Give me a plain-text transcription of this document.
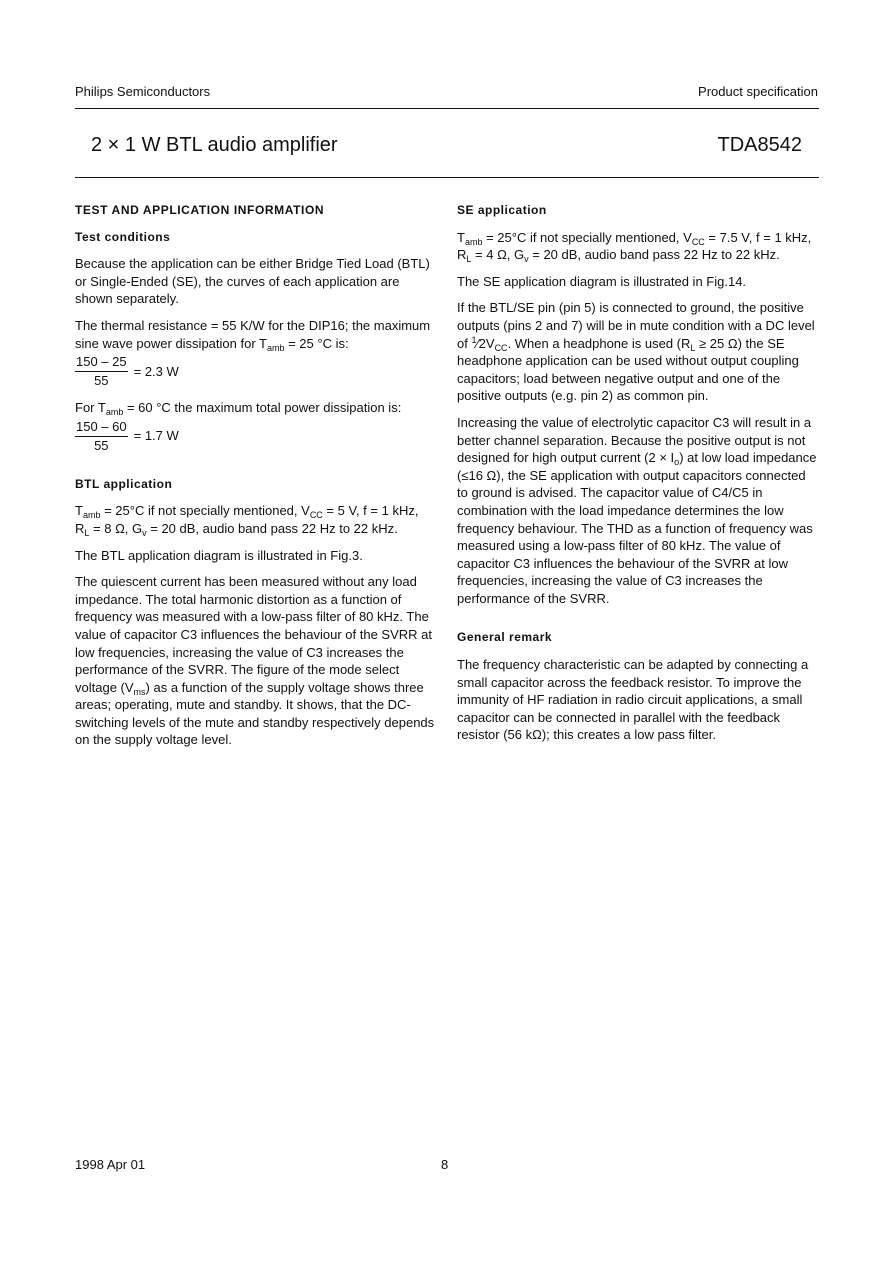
Philips Semiconductors	Product specification
2 × 1 W BTL audio amplifier	TDA8542
TEST AND APPLICATION INFORMATION
Test conditions

Because the application can be either Bridge Tied Load (BTL) or Single-Ended (SE), the curves of each application are shown separately.

The thermal resistance = 55 K/W for the DIP16; the maximum sine wave power dissipation for $T_{amb} = 25$ °C is:

$\frac{150 - 25}{55} = 2.3$ W

For $T_{amb} = 60$ °C the maximum total power dissipation is:

$\frac{150 - 60}{55} = 1.7$ W
BTL application

$T_{amb} = 25^\circ C$ if not specially mentioned, $V_{CC} = 5$ V, f = 1 kHz, $R_L = 8$ Ω, $G_v = 20$ dB, audio band pass 22 Hz to 22 kHz.

The BTL application diagram is illustrated in Fig.3.

The quiescent current has been measured without any load impedance. The total harmonic distortion as a function of frequency was measured with a low-pass filter of 80 kHz. The value of capacitor C3 influences the behaviour of the SVRR at low frequencies, increasing the value of C3 increases the performance of the SVRR. The figure of the mode select voltage $(V_{ms})$ as a function of the supply voltage shows three areas; operating, mute and standby. It shows, that the DC-switching levels of the mute and standby respectively depends on the supply voltage level.

SE application

$T_{amb} = 25^\circ C$ if not specially mentioned, $V_{CC} = 7.5$ V, f = 1 kHz, $R_L = 4$ Ω, $G_v = 20$ dB, audio band pass 22 Hz to 22 kHz.

The SE application diagram is illustrated in Fig.14.

If the BTL/SE pin (pin 5) is connected to ground, the positive outputs (pins 2 and 7) will be in mute condition with a DC level of $^1⁄2V_{CC}$. When a headphone is used ($R_L \ge 25$ Ω) the SE headphone application can be used without output coupling capacitors; load between negative output and one of the positive outputs (e.g. pin 2) as common pin.

Increasing the value of electrolytic capacitor C3 will result in a better channel separation. Because the positive output is not designed for high output current $(2 \times I_o)$ at low load impedance (≤16 Ω), the SE application with output capacitors connected to ground is advised. The capacitor value of C4/C5 in combination with the load impedance determines the low frequency behaviour. The THD as a function of frequency was measured using a low-pass filter of 80 kHz. The value of capacitor C3 influences the behaviour of the SVRR at low frequencies, increasing the value of C3 increases the performance of the SVRR.

General remark

The frequency characteristic can be adapted by connecting a small capacitor across the feedback resistor. To improve the immunity of HF radiation in radio circuit applications, a small capacitor can be connected in parallel with the feedback resistor (56 kΩ); this creates a low pass filter.

1998 Apr 01	8
